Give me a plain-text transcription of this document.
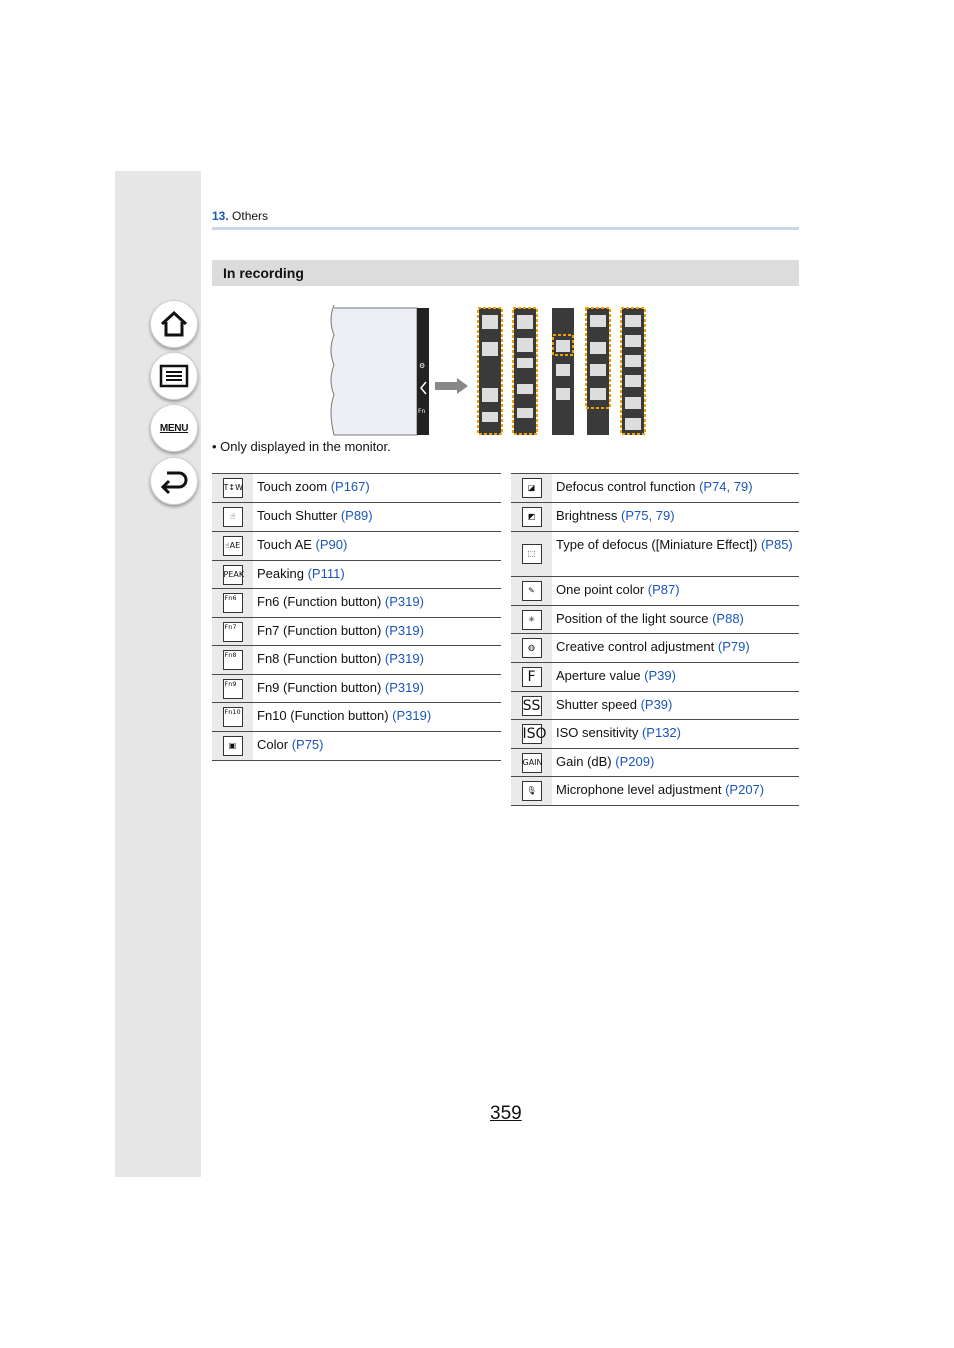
MENU
13. Others
In recording
⚙
Fn
• Only displayed in the monitor.
T↕W	Touch zoom (P167)
☝	Touch Shutter (P89)
☝AE	Touch AE (P90)
PEAK	Peaking (P111)
Fn6	Fn6 (Function button) (P319)
Fn7	Fn7 (Function button) (P319)
Fn8	Fn8 (Function button) (P319)
Fn9	Fn9 (Function button) (P319)
Fn10	Fn10 (Function button) (P319)
▣	Color (P75)
◪	Defocus control function (P74, 79)
◩	Brightness (P75, 79)
⬚	Type of defocus ([Miniature Effect]) (P85)
✎	One point color (P87)
✳	Position of the light source (P88)
◍	Creative control adjustment (P79)
F	Aperture value (P39)
SS	Shutter speed (P39)
ISO	ISO sensitivity (P132)
GAIN	Gain (dB) (P209)
🎙	Microphone level adjustment (P207)
359
